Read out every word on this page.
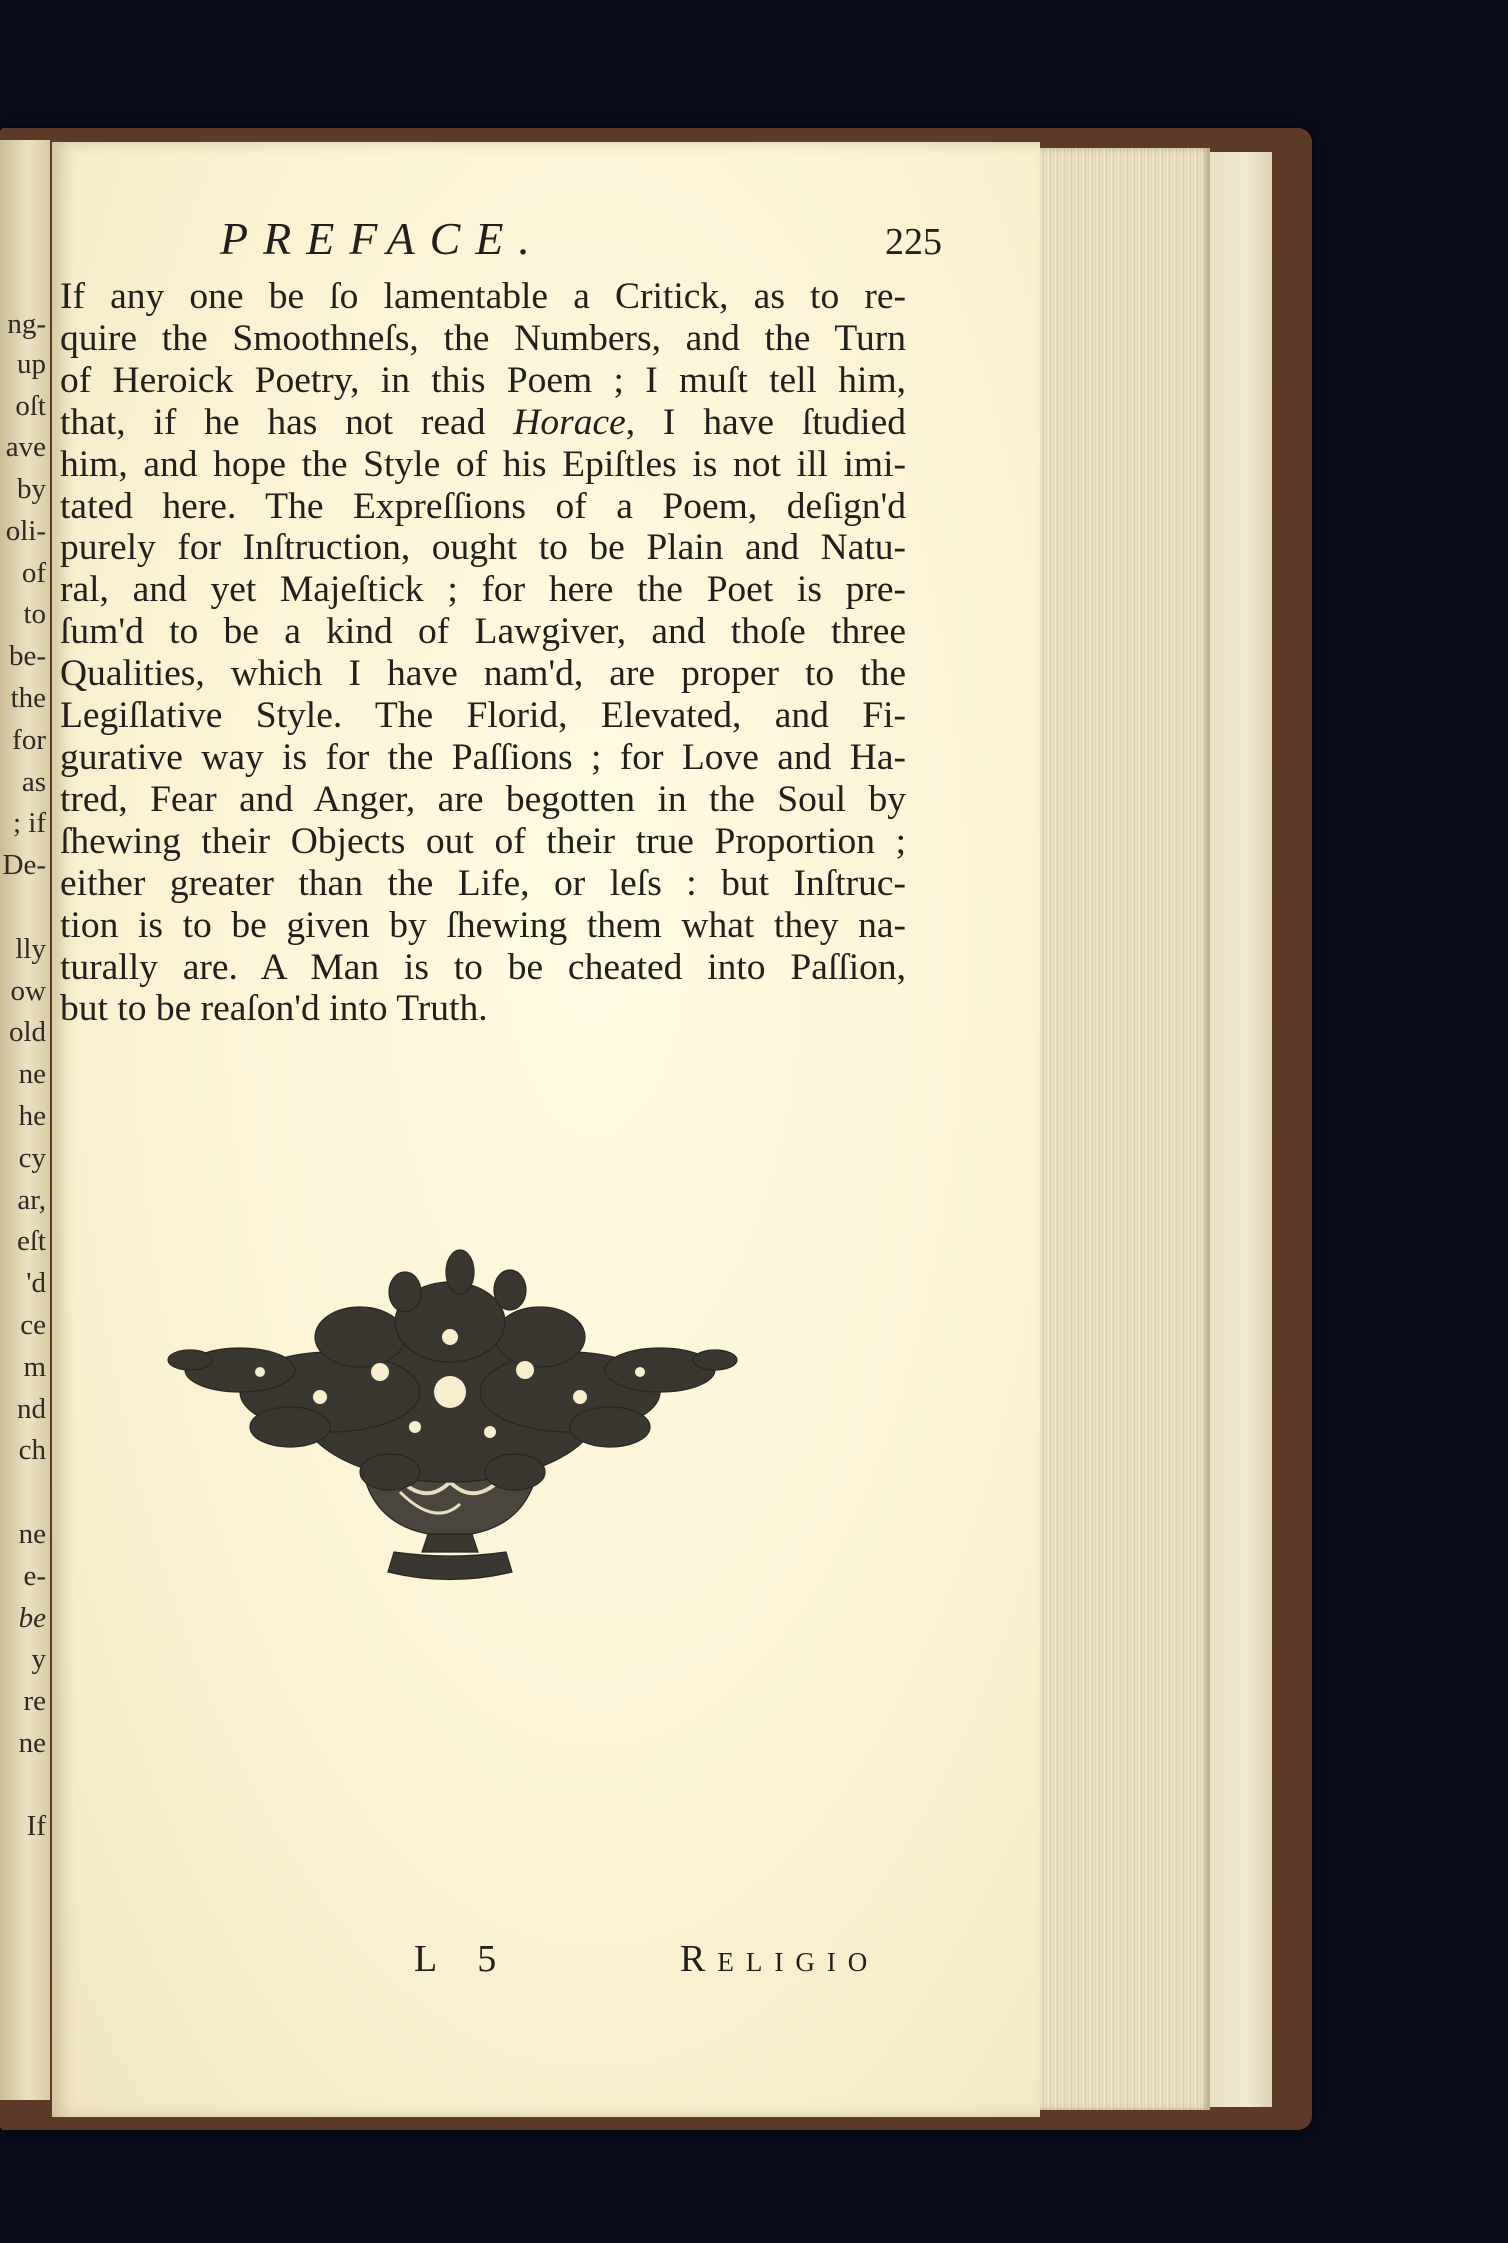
ng-
up
oſt
ave
by
oli-
of
to
be-
the
for
as
; if
De-
lly
ow
old
ne
he
cy
ar,
eſt
'd
ce
m
nd
ch
ne
e-
be
y
re
ne
If
PREFACE.	225
If any one be ſo lamentable a Critick, as to re-
quire the Smoothneſs, the Numbers, and the Turn
of Heroick Poetry, in this Poem ; I muſt tell him,
that, if he has not read Horace, I have ſtudied
him, and hope the Style of his Epiſtles is not ill imi-
tated here. The Expreſſions of a Poem, deſign'd
purely for Inſtruction, ought to be Plain and Natu-
ral, and yet Majeſtick ; for here the Poet is pre-
ſum'd to be a kind of Lawgiver, and thoſe three
Qualities, which I have nam'd, are proper to the
Legiſlative Style. The Florid, Elevated, and Fi-
gurative way is for the Paſſions ; for Love and Ha-
tred, Fear and Anger, are begotten in the Soul by
ſhewing their Objects out of their true Proportion ;
either greater than the Life, or leſs : but Inſtruc-
tion is to be given by ſhewing them what they na-
turally are. A Man is to be cheated into Paſſion,
but to be reaſon'd into Truth.
L 5	Religio
